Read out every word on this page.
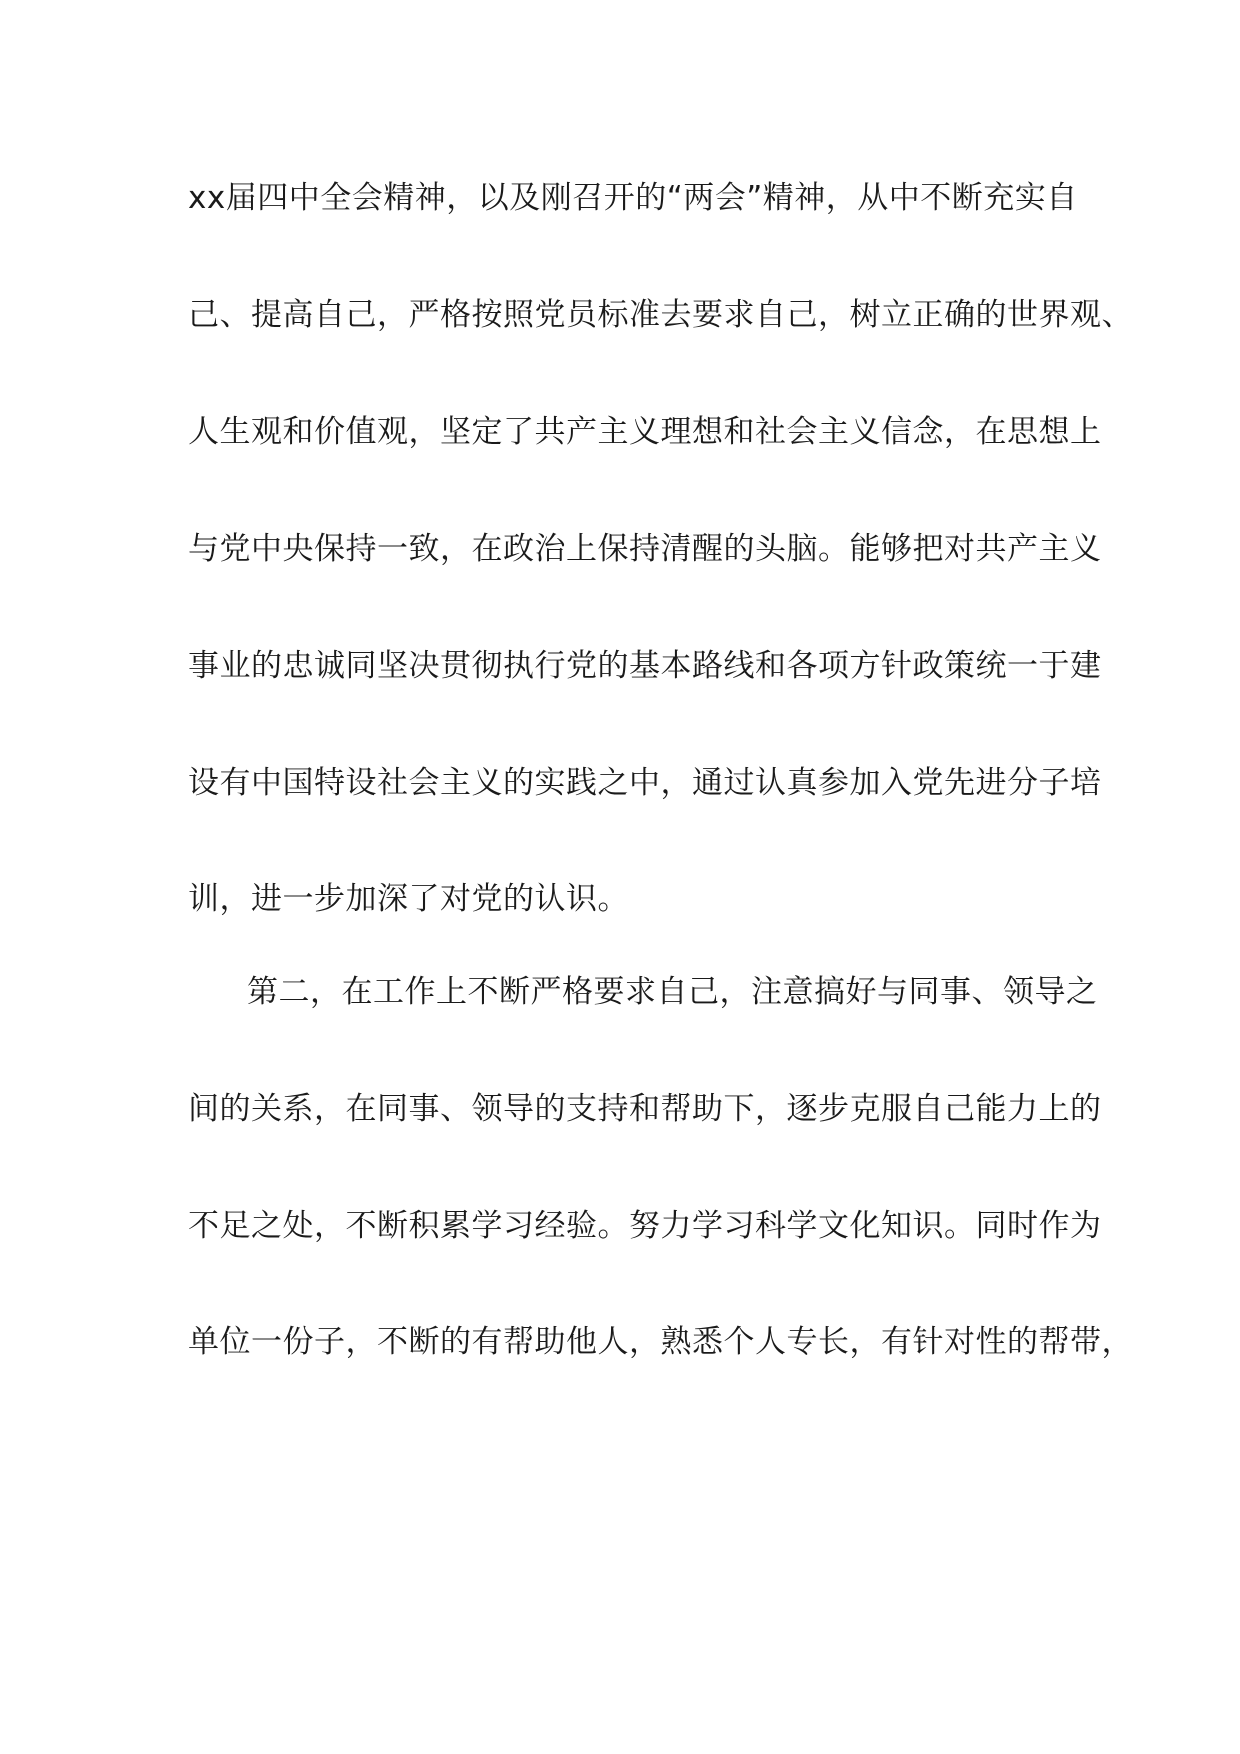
xx届四中全会精神，以及刚召开的“两会”精神，从中不断充实自
己、提高自己，严格按照党员标准去要求自己，树立正确的世界观、
人生观和价值观，坚定了共产主义理想和社会主义信念，在思想上
与党中央保持一致，在政治上保持清醒的头脑。能够把对共产主义
事业的忠诚同坚决贯彻执行党的基本路线和各项方针政策统一于建
设有中国特设社会主义的实践之中，通过认真参加入党先进分子培
训，进一步加深了对党的认识。
第二，在工作上不断严格要求自己，注意搞好与同事、领导之
间的关系，在同事、领导的支持和帮助下，逐步克服自己能力上的
不足之处，不断积累学习经验。努力学习科学文化知识。同时作为
单位一份子，不断的有帮助他人，熟悉个人专长，有针对性的帮带，
